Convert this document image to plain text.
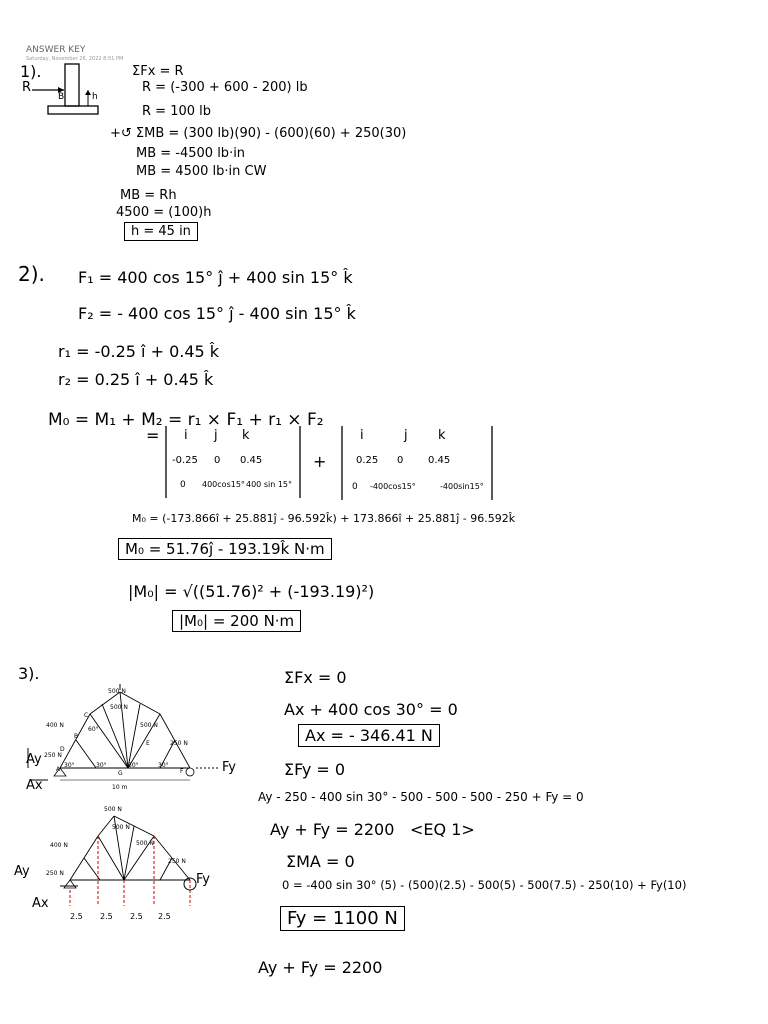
ANSWER KEY
Saturday, November 26, 2022 8:51 PM
1).
R
B	h
ΣFx = R
R = (-300 + 600 - 200) lb
R = 100 lb
+↺ ΣMB = (300 lb)(90) - (600)(60) + 250(30)
MB = -4500 lb·in
MB = 4500 lb·in CW
MB = Rh
4500 = (100)h
h = 45 in
2). F₁ = 400 cos 15° ĵ + 400 sin 15° k̂
F₂ = - 400 cos 15° ĵ - 400 sin 15° k̂
r₁ = -0.25 î + 0.45 k̂
r₂ = 0.25 î + 0.45 k̂
M₀ = M₁ + M₂ = r₁ × F₁ + r₁ × F₂
= i j k
-0.25 0 0.45
0 400cos15° 400 sin 15°
+
i	j k
0.25 0 0.45
0 -400cos15°	-400sin15°
M₀ = (-173.866î + 25.881ĵ - 96.592k̂) + 173.866î + 25.881ĵ - 96.592k̂
M₀ = 51.76ĵ - 193.19k̂ N·m
|M₀| = √((51.76)² + (-193.19)²)
|M₀| = 200 N·m
3).
500 N
500 N
500 N
400 N
250 N
250 N
A
B
C
D
E
F
G
30°	30°	30°	30°
60°
10 m
Ay
Ax
Fy
500 N
500 N
500 N
400 N
250 N
250 N
Ay
Ax
Fy
2.5 2.5 2.5 2.5
ΣFx = 0
Ax + 400 cos 30° = 0
Ax = - 346.41 N
ΣFy = 0
Ay - 250 - 400 sin 30° - 500 - 500 - 500 - 250 + Fy = 0
Ay + Fy = 2200 <EQ 1>
ΣMA = 0
0 = -400 sin 30° (5) - (500)(2.5) - 500(5) - 500(7.5) - 250(10) + Fy(10)
Fy = 1100 N
Ay + Fy = 2200
